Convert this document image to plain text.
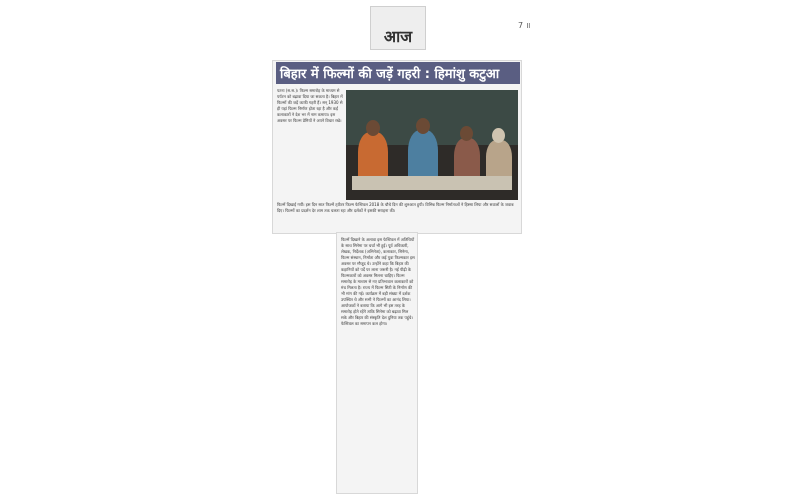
आज
7 ॥
बिहार में फिल्मों की जड़ें गहरी : हिमांशु कटुआ
पटना (स.स.)। फिल्म समारोह के माध्यम से पर्यटन को बढ़ावा दिया जा सकता है। बिहार में फिल्मों की जड़ें काफी गहरी हैं। सन् 1930 से ही यहां फिल्म निर्माण होता रहा है और कई कलाकारों ने देश भर में नाम कमाया। इस अवसर पर फिल्म प्रेमियों ने अपने विचार रखे।
फिल्में दिखाई गयीं। इस दिन सात फिल्में ट्वीटर फिल्म फेस्टिवल 2018 के चौथे दिन की शुरुआत हुयी। विभिन्न फिल्म निर्माताओं ने हिस्सा लिया और सवालों के जवाब दिए। फिल्मों का प्रदर्शन देर शाम तक चलता रहा और दर्शकों ने इसकी सराहना की।
फिल्में दिखाने के अलावा इस फेस्टिवल में अतिथियों के साथ सिनेमा पर चर्चा भी हुई। पूर्व अधिकारी, लेखक, निर्देशक (अभिनेता), कलाकार, सिनेमा, फिल्म संस्थान, निर्माता और कई युवा फिल्मकार इस अवसर पर मौजूद थे। उन्होंने कहा कि बिहार की कहानियों को पर्दे पर लाना जरूरी है। नई पीढ़ी के फिल्मकारों को अवसर मिलना चाहिए। फिल्म समारोह के माध्यम से नए प्रतिभावान कलाकारों को मंच मिलता है। राज्य में फिल्म सिटी के निर्माण की भी मांग की गई। कार्यक्रम में बड़ी संख्या में दर्शक उपस्थित थे और सभी ने फिल्मों का आनंद लिया। आयोजकों ने बताया कि आगे भी इस तरह के समारोह होते रहेंगे ताकि सिनेमा को बढ़ावा मिल सके और बिहार की संस्कृति देश दुनिया तक पहुंचे। फेस्टिवल का समापन कल होगा।
